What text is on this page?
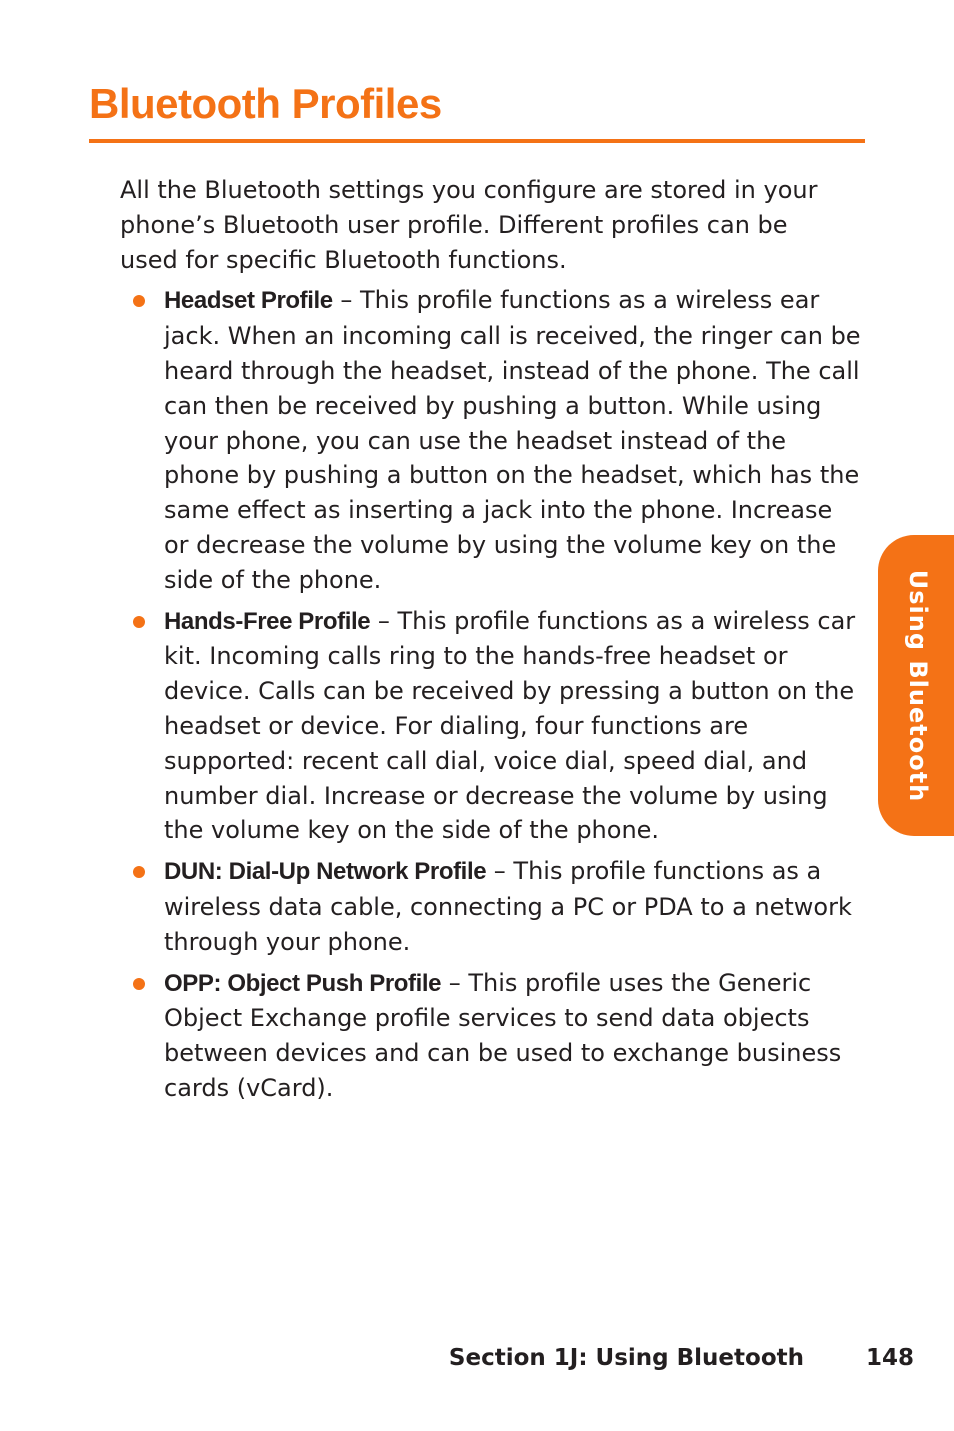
Bluetooth Profiles

All the Bluetooth settings you configure are stored in your phone’s Bluetooth user profile. Different profiles can be used for specific Bluetooth functions.

Headset Profile – This profile functions as a wireless ear jack. When an incoming call is received, the ringer can be heard through the headset, instead of the phone. The call can then be received by pushing a button. While using your phone, you can use the headset instead of the phone by pushing a button on the headset, which has the same effect as inserting a jack into the phone. Increase or decrease the volume by using the volume key on the side of the phone.
Hands-Free Profile – This profile functions as a wireless car kit. Incoming calls ring to the hands-free headset or device. Calls can be received by pressing a button on the headset or device. For dialing, four functions are supported: recent call dial, voice dial, speed dial, and number dial. Increase or decrease the volume by using the volume key on the side of the phone.
DUN: Dial-Up Network Profile – This profile functions as a wireless data cable, connecting a PC or PDA to a network through your phone.
OPP: Object Push Profile – This profile uses the Generic Object Exchange profile services to send data objects between devices and can be used to exchange business cards (vCard).
Using Bluetooth
Section 1J: Using Bluetooth	148
